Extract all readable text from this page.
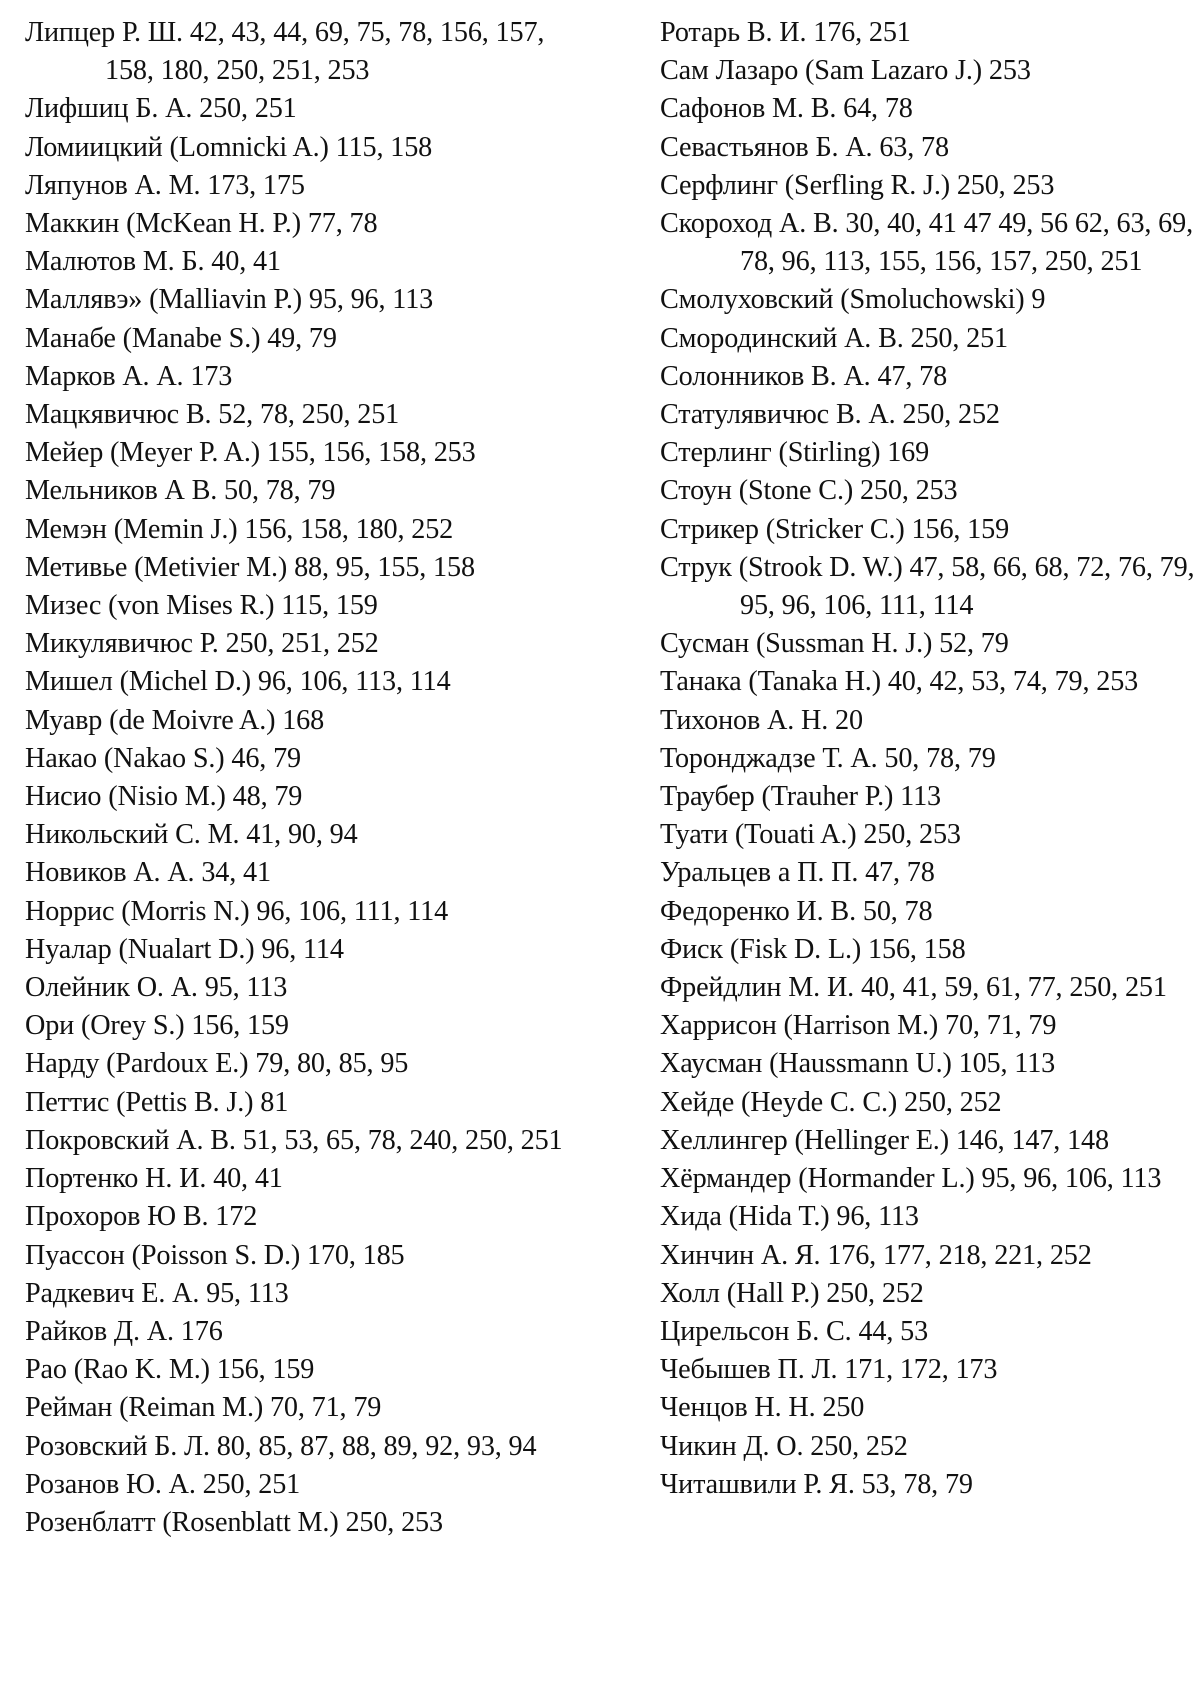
Липцер Р. Ш. 42, 43, 44, 69, 75, 78, 156, 157, 158, 180, 250, 251, 253
Лифшиц Б. А. 250, 251
Ломиицкий (Lomnicki A.) 115, 158
Ляпунов А. М. 173, 175
Маккин (McKean H. P.) 77, 78
Малютов М. Б. 40, 41
Маллявэ» (Malliavin P.) 95, 96, 113
Манабе (Manabe S.) 49, 79
Марков А. А. 173
Мацкявичюс В. 52, 78, 250, 251
Мейер (Meyer P. A.) 155, 156, 158, 253
Мельников А В. 50, 78, 79
Мемэн (Memin J.) 156, 158, 180, 252
Метивье (Metivier M.) 88, 95, 155, 158
Мизес (von Mises R.) 115, 159
Микулявичюс Р. 250, 251, 252
Мишел (Michel D.) 96, 106, 113, 114
Муавр (de Moivre A.) 168
Накао (Nakao S.) 46, 79
Нисио (Nisio M.) 48, 79
Никольский С. М. 41, 90, 94
Новиков А. А. 34, 41
Норрис (Morris N.) 96, 106, 111, 114
Нуалар (Nualart D.) 96, 114
Олейник О. А. 95, 113
Ори (Orey S.) 156, 159
Нарду (Pardoux E.) 79, 80, 85, 95
Петтис (Pettis B. J.) 81
Покровский А. В. 51, 53, 65, 78, 240, 250, 251
Портенко Н. И. 40, 41
Прохоров Ю В. 172
Пуассон (Poisson S. D.) 170, 185
Радкевич Е. А. 95, 113
Райков Д. А. 176
Рао (Rao K. M.) 156, 159
Рейман (Reiman M.) 70, 71, 79
Розовский Б. Л. 80, 85, 87, 88, 89, 92, 93, 94
Розанов Ю. А. 250, 251
Розенблатт (Rosenblatt M.) 250, 253
Ротарь В. И. 176, 251
Сам Лазаро (Sam Lazaro J.) 253
Сафонов М. В. 64, 78
Севастьянов Б. А. 63, 78
Серфлинг (Serfling R. J.) 250, 253
Скороход А. В. 30, 40, 41 47 49, 56 62, 63, 69, 78, 96, 113, 155, 156, 157, 250, 251
Смолуховский (Smoluchowski) 9
Смородинский А. В. 250, 251
Солонников В. А. 47, 78
Статулявичюс В. А. 250, 252
Стерлинг (Stirling) 169
Стоун (Stone C.) 250, 253
Стрикер (Stricker C.) 156, 159
Струк (Strook D. W.) 47, 58, 66, 68, 72, 76, 79, 95, 96, 106, 111, 114
Сусман (Sussman H. J.) 52, 79
Танака (Tanaka H.) 40, 42, 53, 74, 79, 253
Тихонов А. Н. 20
Торонджадзе Т. А. 50, 78, 79
Траубер (Trauher P.) 113
Туати (Touati A.) 250, 253
Уральцев а П. П. 47, 78
Федоренко И. В. 50, 78
Фиск (Fisk D. L.) 156, 158
Фрейдлин М. И. 40, 41, 59, 61, 77, 250, 251
Харрисон (Harrison M.) 70, 71, 79
Хаусман (Haussmann U.) 105, 113
Хейде (Heyde C. C.) 250, 252
Хеллингер (Hellinger E.) 146, 147, 148
Хёрмандер (Hormander L.) 95, 96, 106, 113
Хида (Hida T.) 96, 113
Хинчин А. Я. 176, 177, 218, 221, 252
Холл (Hall P.) 250, 252
Цирельсон Б. С. 44, 53
Чебышев П. Л. 171, 172, 173
Ченцов Н. Н. 250
Чикин Д. О. 250, 252
Читашвили Р. Я. 53, 78, 79
